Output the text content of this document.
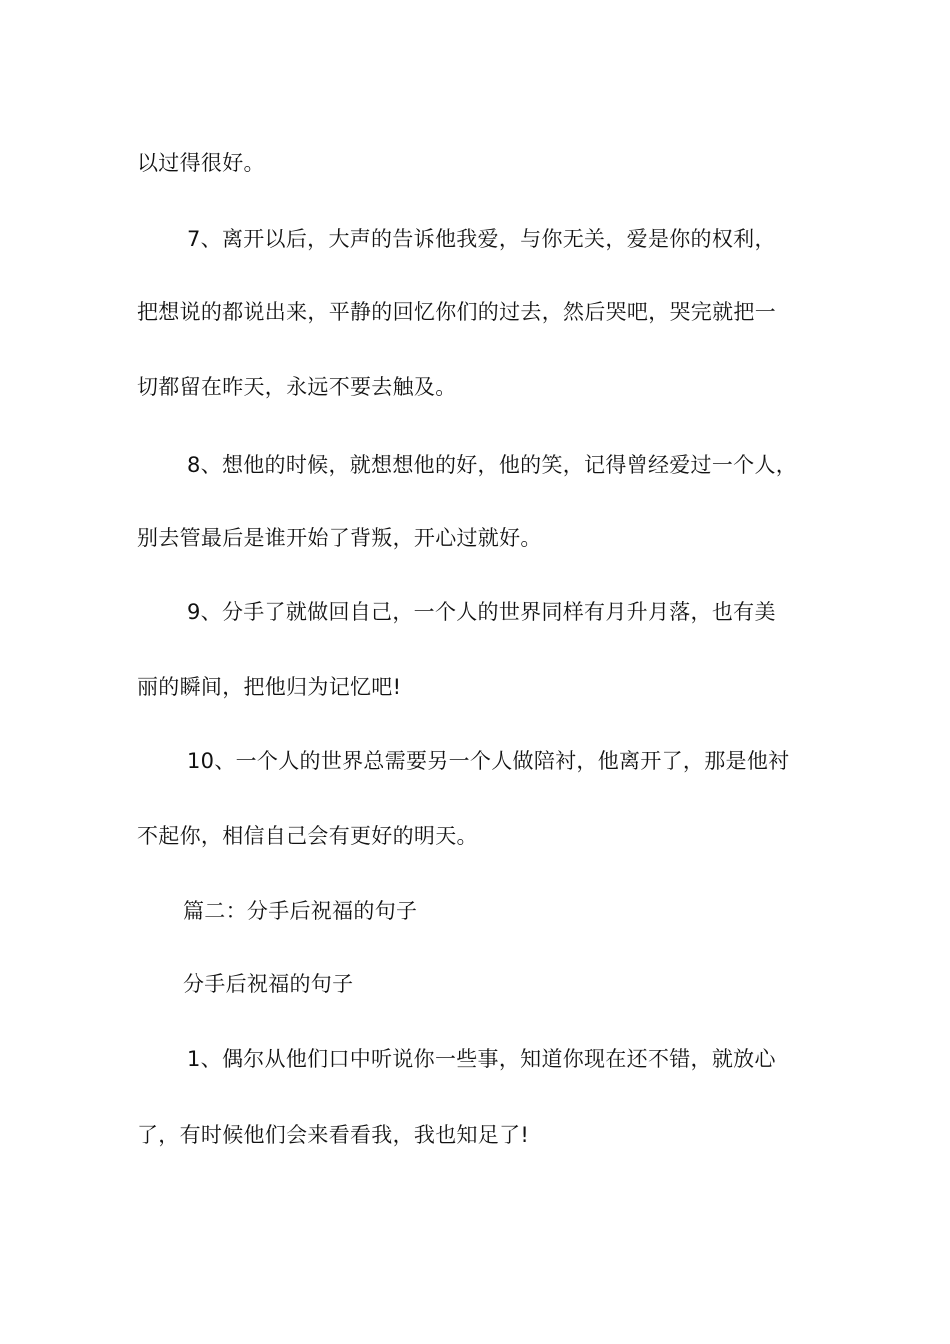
以过得很好。
7、离开以后，大声的告诉他我爱，与你无关，爱是你的权利，
把想说的都说出来，平静的回忆你们的过去，然后哭吧，哭完就把一
切都留在昨天，永远不要去触及。
8、想他的时候，就想想他的好，他的笑，记得曾经爱过一个人，
别去管最后是谁开始了背叛，开心过就好。
9、分手了就做回自己，一个人的世界同样有月升月落，也有美
丽的瞬间，把他归为记忆吧!
10、一个人的世界总需要另一个人做陪衬，他离开了，那是他衬
不起你，相信自己会有更好的明天。
篇二：分手后祝福的句子
分手后祝福的句子
1、偶尔从他们口中听说你一些事，知道你现在还不错，就放心
了，有时候他们会来看看我，我也知足了!
